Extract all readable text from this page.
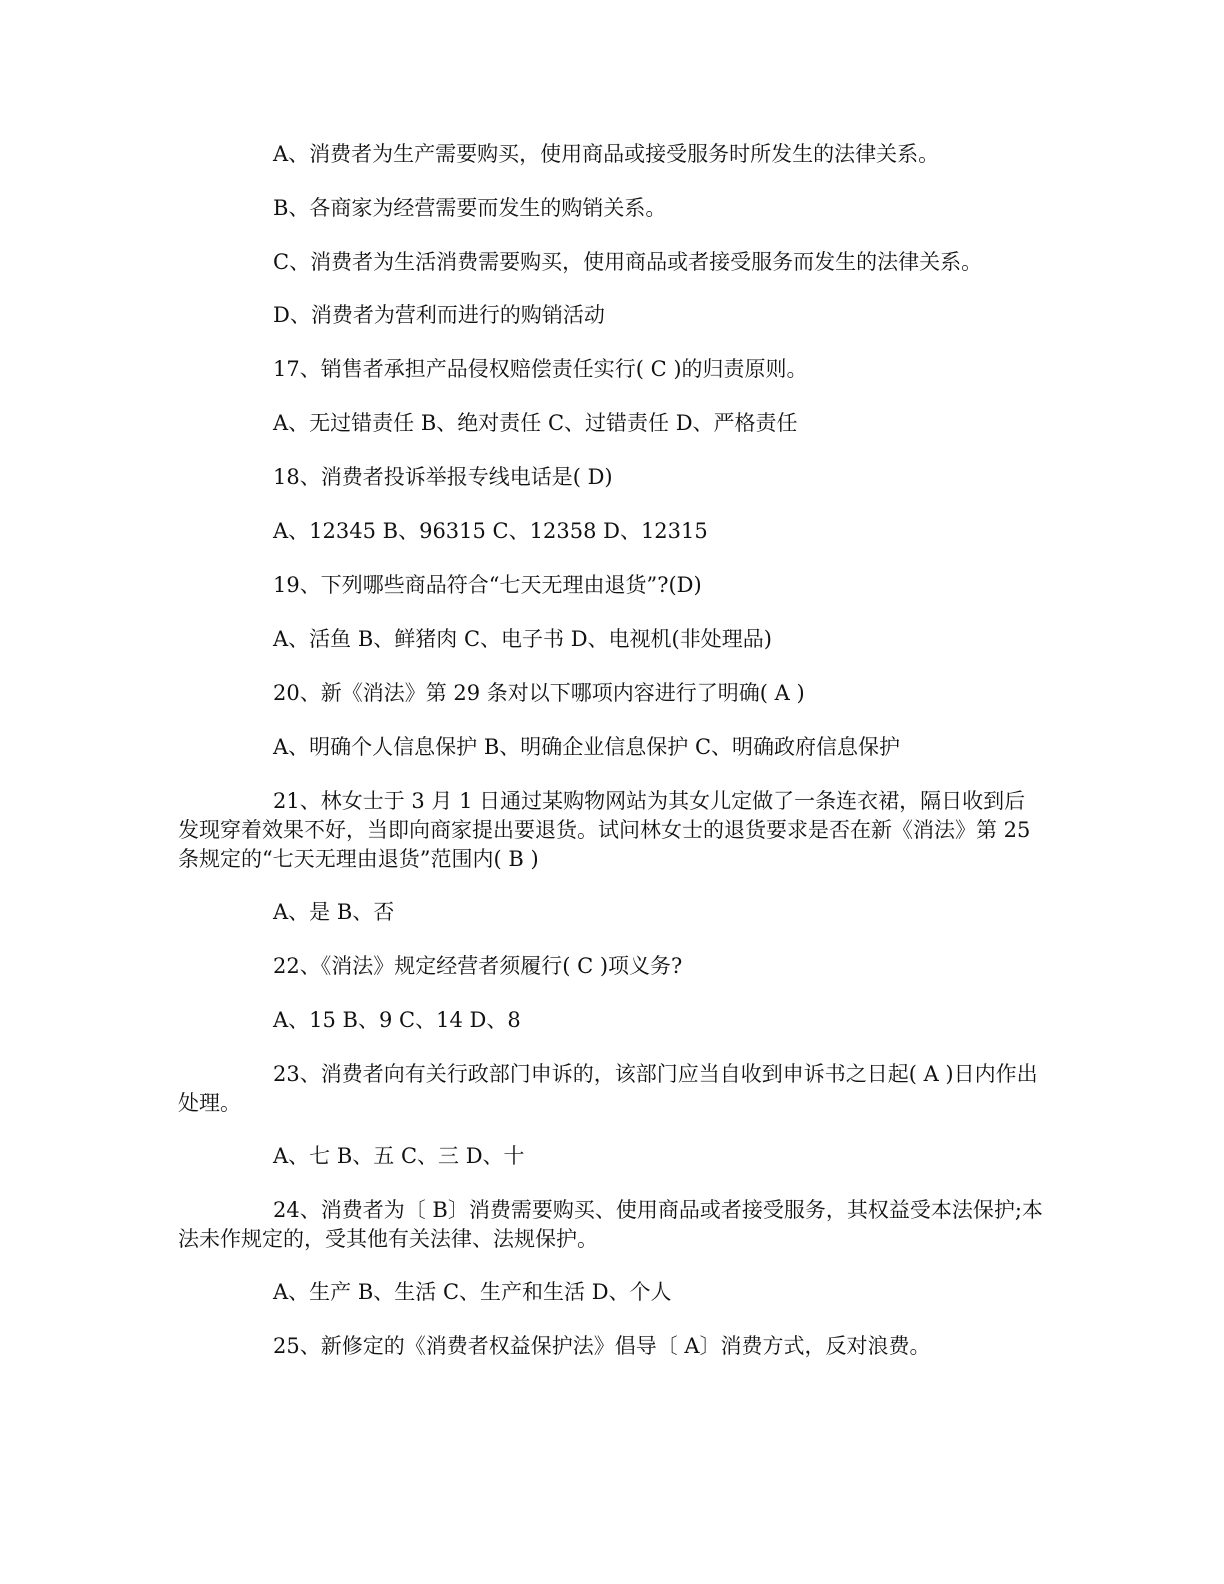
A、消费者为生产需要购买，使用商品或接受服务时所发生的法律关系。

B、各商家为经营需要而发生的购销关系。

C、消费者为生活消费需要购买，使用商品或者接受服务而发生的法律关系。

D、消费者为营利而进行的购销活动

17、销售者承担产品侵权赔偿责任实行( C )的归责原则。

A、无过错责任 B、绝对责任 C、过错责任 D、严格责任

18、消费者投诉举报专线电话是( D)

A、12345 B、96315 C、12358 D、12315

19、下列哪些商品符合“七天无理由退货”?(D)

A、活鱼 B、鲜猪肉 C、电子书 D、电视机(非处理品)

20、新《消法》第 29 条对以下哪项内容进行了明确( A )

A、明确个人信息保护 B、明确企业信息保护 C、明确政府信息保护

21、林女士于 3 月 1 日通过某购物网站为其女儿定做了一条连衣裙，隔日收到后发现穿着效果不好，当即向商家提出要退货。试问林女士的退货要求是否在新《消法》第 25 条规定的“七天无理由退货”范围内( B )

A、是 B、否

22、《消法》规定经营者须履行( C )项义务?

A、15 B、9 C、14 D、8

23、消费者向有关行政部门申诉的，该部门应当自收到申诉书之日起( A )日内作出处理。

A、七 B、五 C、三 D、十

24、消费者为〔 B〕消费需要购买、使用商品或者接受服务，其权益受本法保护;本法未作规定的，受其他有关法律、法规保护。

A、生产 B、生活 C、生产和生活 D、个人

25、新修定的《消费者权益保护法》倡导〔 A〕消费方式，反对浪费。
